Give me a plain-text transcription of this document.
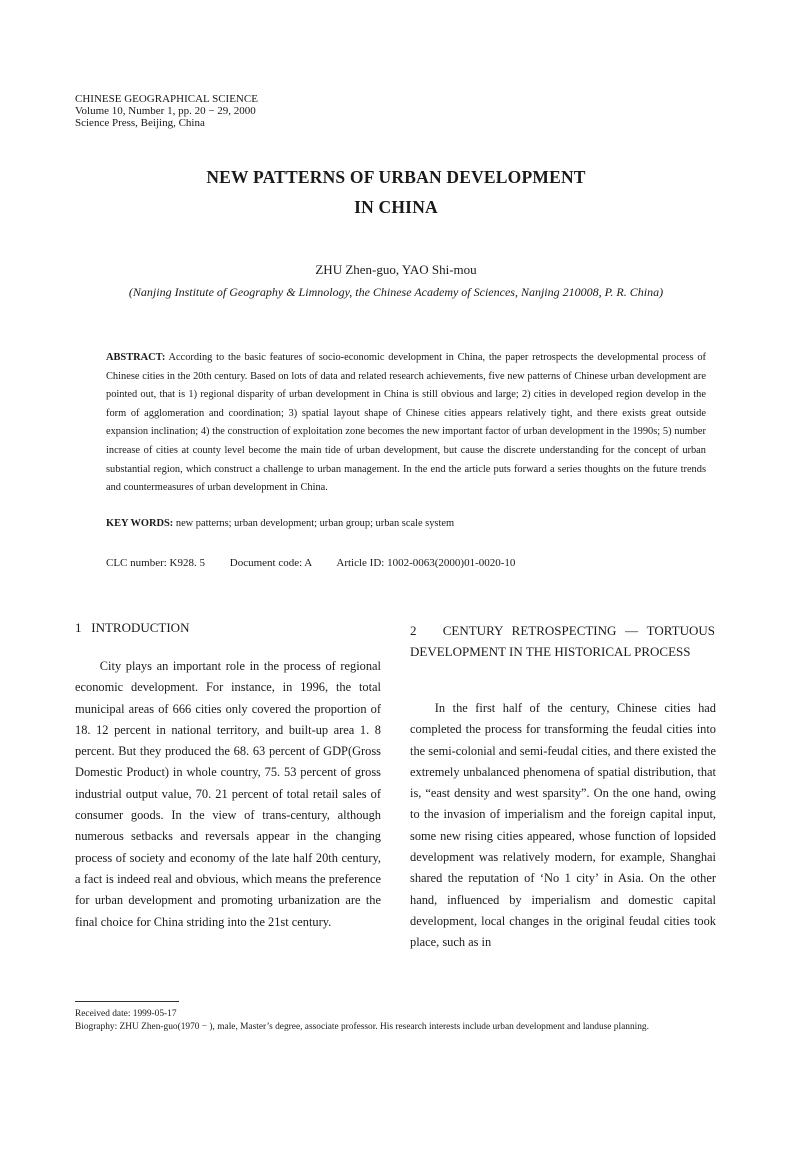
CHINESE GEOGRAPHICAL SCIENCE
Volume 10, Number 1, pp. 20 − 29, 2000
Science Press, Beijing, China
NEW PATTERNS OF URBAN DEVELOPMENT
IN CHINA
ZHU Zhen-guo, YAO Shi-mou
(Nanjing Institute of Geography & Limnology, the Chinese Academy of Sciences, Nanjing 210008, P. R. China)
ABSTRACT: According to the basic features of socio-economic development in China, the paper retrospects the developmental process of Chinese cities in the 20th century. Based on lots of data and related research achievements, five new patterns of Chinese urban development are pointed out, that is 1) regional disparity of urban development in China is still obvious and large; 2) cities in developed region develop in the form of agglomeration and coordination; 3) spatial layout shape of Chinese cities appears relatively tight, and there exists great outside expansion inclination; 4) the construction of exploitation zone becomes the new important factor of urban development in the 1990s; 5) number increase of cities at county level become the main tide of urban development, but cause the discrete understanding for the concept of urban substantial region, which construct a challenge to urban management. In the end the article puts forward a series thoughts on the future trends and countermeasures of urban development in China.
KEY WORDS: new patterns; urban development; urban group; urban scale system
CLC number: K928. 5 Document code: A Article ID: 1002-0063(2000)01-0020-10
1   INTRODUCTION

City plays an important role in the process of regional economic development. For instance, in 1996, the total municipal areas of 666 cities only covered the proportion of 18. 12 percent in national territory, and built-up area 1. 8 percent. But they produced the 68. 63 percent of GDP(Gross Domestic Product) in whole country, 75. 53 percent of gross industrial output value, 70. 21 percent of total retail sales of consumer goods. In the view of trans-century, although numerous setbacks and reversals appear in the changing process of society and economy of the late half 20th century, a fact is indeed real and obvious, which means the preference for urban development and promoting urbanization are the final choice for China striding into the 21st century.

2   CENTURY RETROSPECTING — TORTUOUS DEVELOPMENT IN THE HISTORICAL PROCESS

In the first half of the century, Chinese cities had completed the process for transforming the feudal cities into the semi-colonial and semi-feudal cities, and there existed the extremely unbalanced phenomena of spatial distribution, that is, “east density and west sparsity”. On the one hand, owing to the invasion of imperialism and the foreign capital input, some new rising cities appeared, whose function of lopsided development was relatively modern, for example, Shanghai shared the reputation of ‘No 1 city’ in Asia. On the other hand, influenced by imperialism and domestic capital development, local changes in the original feudal cities took place, such as in

Received date: 1999-05-17
Biography: ZHU Zhen-guo(1970 − ), male, Master’s degree, associate professor. His research interests include urban development and landuse planning.
